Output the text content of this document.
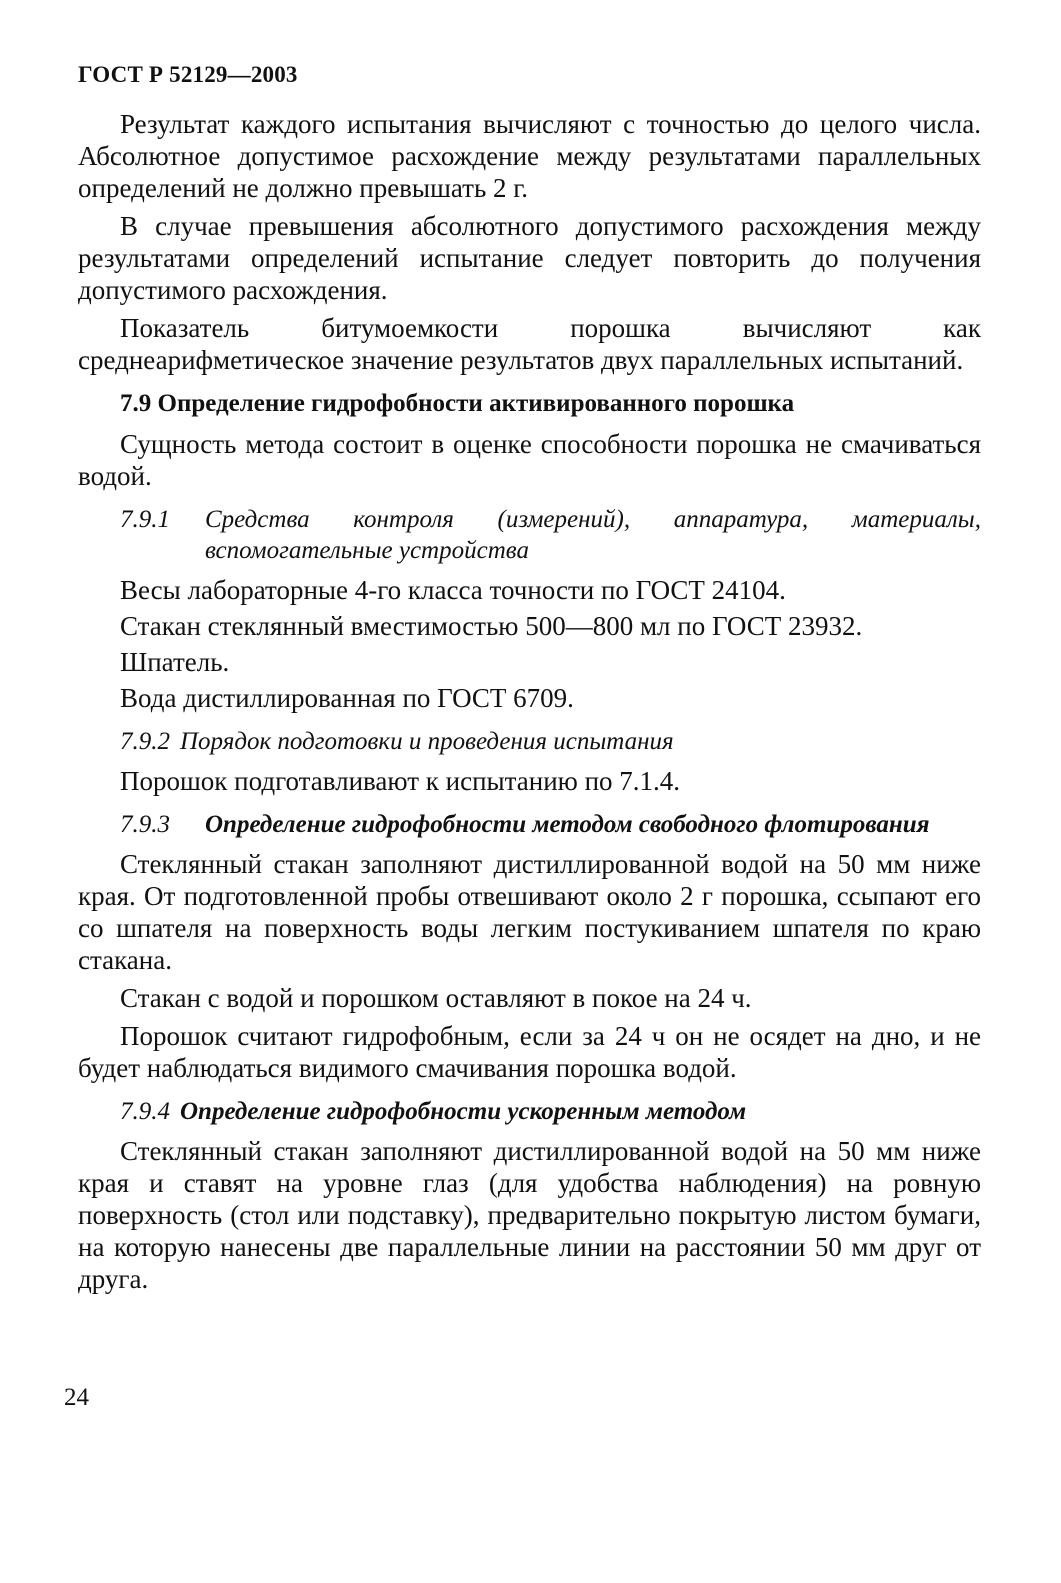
ГОСТ Р 52129—2003

Результат каждого испытания вычисляют с точностью до целого числа. Абсолютное допустимое расхождение между результатами параллельных определений не должно превышать 2 г.

В случае превышения абсолютного допустимого расхождения между результатами определений испытание следует повторить до получения допустимого расхождения.

Показатель битумоемкости порошка вычисляют как среднеарифметическое значение результатов двух параллельных испытаний.

7.9 Определение гидрофобности активированного порошка

Сущность метода состоит в оценке способности порошка не смачиваться водой.

7.9.1	Средства контроля (измерений), аппаратура, материалы, вспомогательные устройства

Весы лабораторные 4-го класса точности по ГОСТ 24104.

Стакан стеклянный вместимостью 500—800 мл по ГОСТ 23932.

Шпатель.

Вода дистиллированная по ГОСТ 6709.

7.9.2 Порядок подготовки и проведения испытания

Порошок подготавливают к испытанию по 7.1.4.

7.9.3	Определение гидрофобности методом свободного флотирования

Стеклянный стакан заполняют дистиллированной водой на 50 мм ниже края. От подготовленной пробы отвешивают около 2 г порошка, ссыпают его со шпателя на поверхность воды легким постукиванием шпателя по краю стакана.

Стакан с водой и порошком оставляют в покое на 24 ч.

Порошок считают гидрофобным, если за 24 ч он не осядет на дно, и не будет наблюдаться видимого смачивания порошка водой.

7.9.4 Определение гидрофобности ускоренным методом

Стеклянный стакан заполняют дистиллированной водой на 50 мм ниже края и ставят на уровне глаз (для удобства наблюдения) на ровную поверхность (стол или подставку), предварительно покрытую листом бумаги, на которую нанесены две параллельные линии на расстоянии 50 мм друг от друга.

24
